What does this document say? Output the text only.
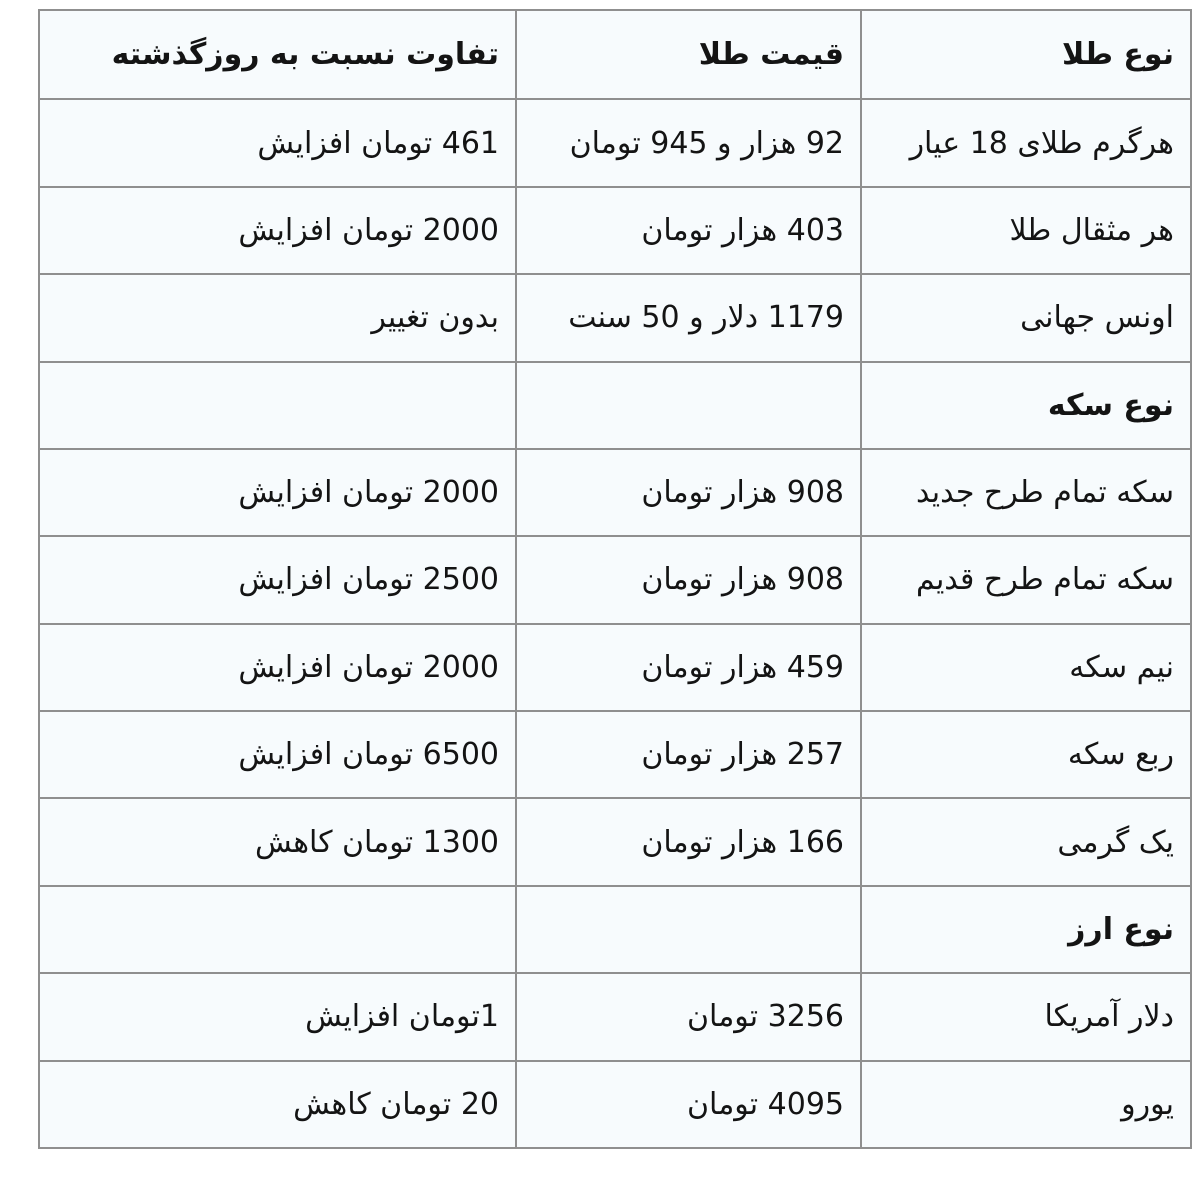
نوع طلا	قیمت طلا	تفاوت نسبت به روزگذشته
هرگرم طلای 18 عیار	92 هزار و 945 تومان	461 تومان افزایش
هر مثقال طلا	403 هزار تومان	2000 تومان افزایش
اونس جهانی	1179 دلار و 50 سنت	بدون تغییر
نوع سکه		
سکه تمام طرح جدید	908 هزار تومان	2000 تومان افزایش
سکه تمام طرح قدیم	908 هزار تومان	2500 تومان افزایش
نیم سکه	459 هزار تومان	2000 تومان افزایش
ربع سکه	257 هزار تومان	6500 تومان افزایش
یک گرمی	166 هزار تومان	1300 تومان کاهش
نوع ارز		
دلار آمریکا	3256 تومان	1تومان افزایش
یورو	4095 تومان	20 تومان کاهش
